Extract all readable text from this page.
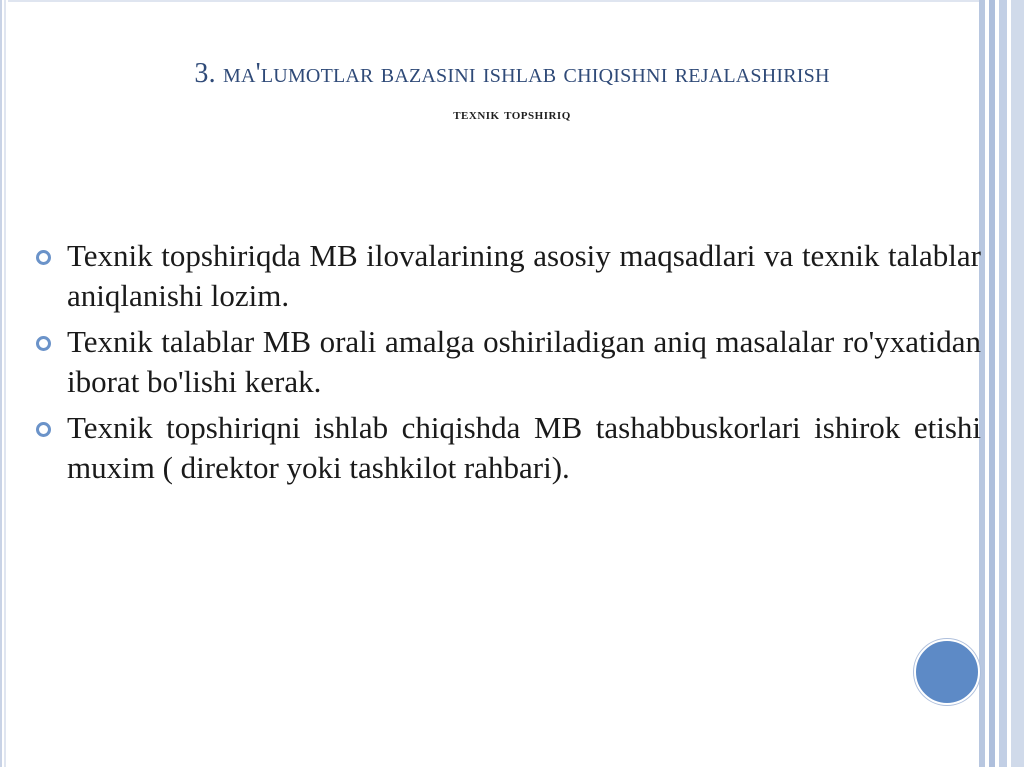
3. ma'lumotlar bazasini ishlab chiqishni rejalashirish
texnik topshiriq
Texnik topshiriqda MB ilovalarining asosiy maqsadlari va texnik talablar aniqlanishi lozim.
Texnik talablar MB orali amalga oshiriladigan aniq masalalar ro'yxatidan iborat bo'lishi kerak.
Texnik topshiriqni ishlab chiqishda MB tashabbuskorlari ishirok etishi muxim ( direktor yoki tashkilot rahbari).
